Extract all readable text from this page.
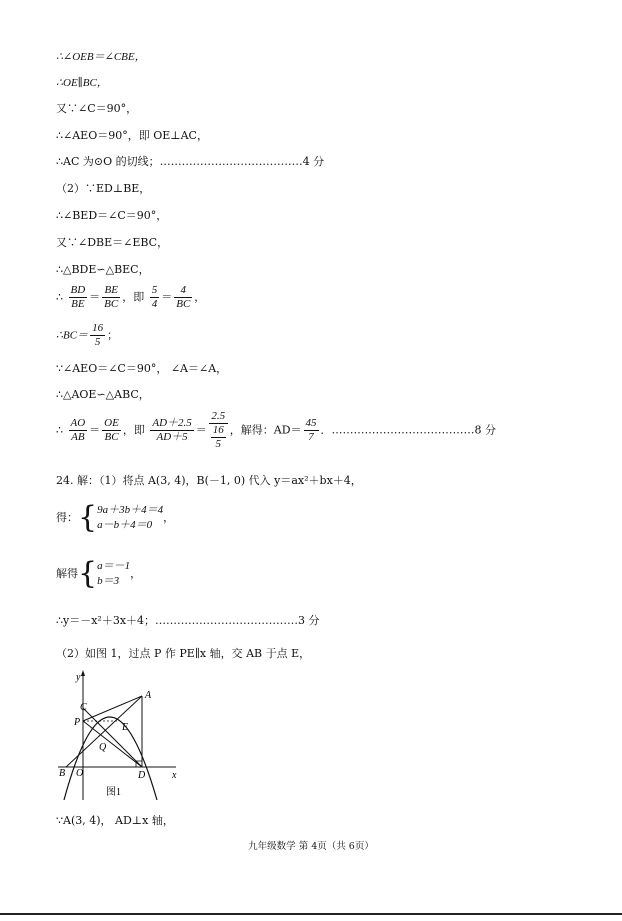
∴∠OEB＝∠CBE，
∴OE∥BC，
又∵∠C＝90°，
∴∠AEO＝90°，即 OE⊥AC，
∴AC 为⊙O 的切线；…………………………………4 分
（2）∵ED⊥BE，
∴∠BED＝∠C＝90°，
又∵∠DBE＝∠EBC，
∴△BDE∽△BEC，
∴ $\frac{BD}{BE} = \frac{BE}{BC}$ ，即 $\frac{5}{4} = \frac{4}{BC}$ ，
∴BC＝ $\frac{16}{5}$ ；
∵∠AEO＝∠C＝90°， ∠A＝∠A，
∴△AOE∽△ABC，
∴ $\frac{AO}{AB} = \frac{OE}{BC}$ ，即 $\frac{AD+2.5}{AD+5} = \frac{2.5}{\frac{16}{5}}$ ，解得：$AD= \frac{45}{7}$ ．…………………………………8 分
24. 解：（1）将点 A(3, 4)，B(－1, 0) 代入 y＝ax²＋bx＋4，
得：{ 9a＋3b＋4＝4
a－b＋4＝0
，
解得{ a＝－1
b＝3
，
∴y＝－x²＋3x＋4；…………………………………3 分
（2）如图 1，过点 P 作 PE∥x 轴，交 AB 于点 E，
y
x
A
B
C
D
E
O
P
Q
图1
∵A(3, 4)， AD⊥x 轴，
九年级数学 第 4页（共 6页）
